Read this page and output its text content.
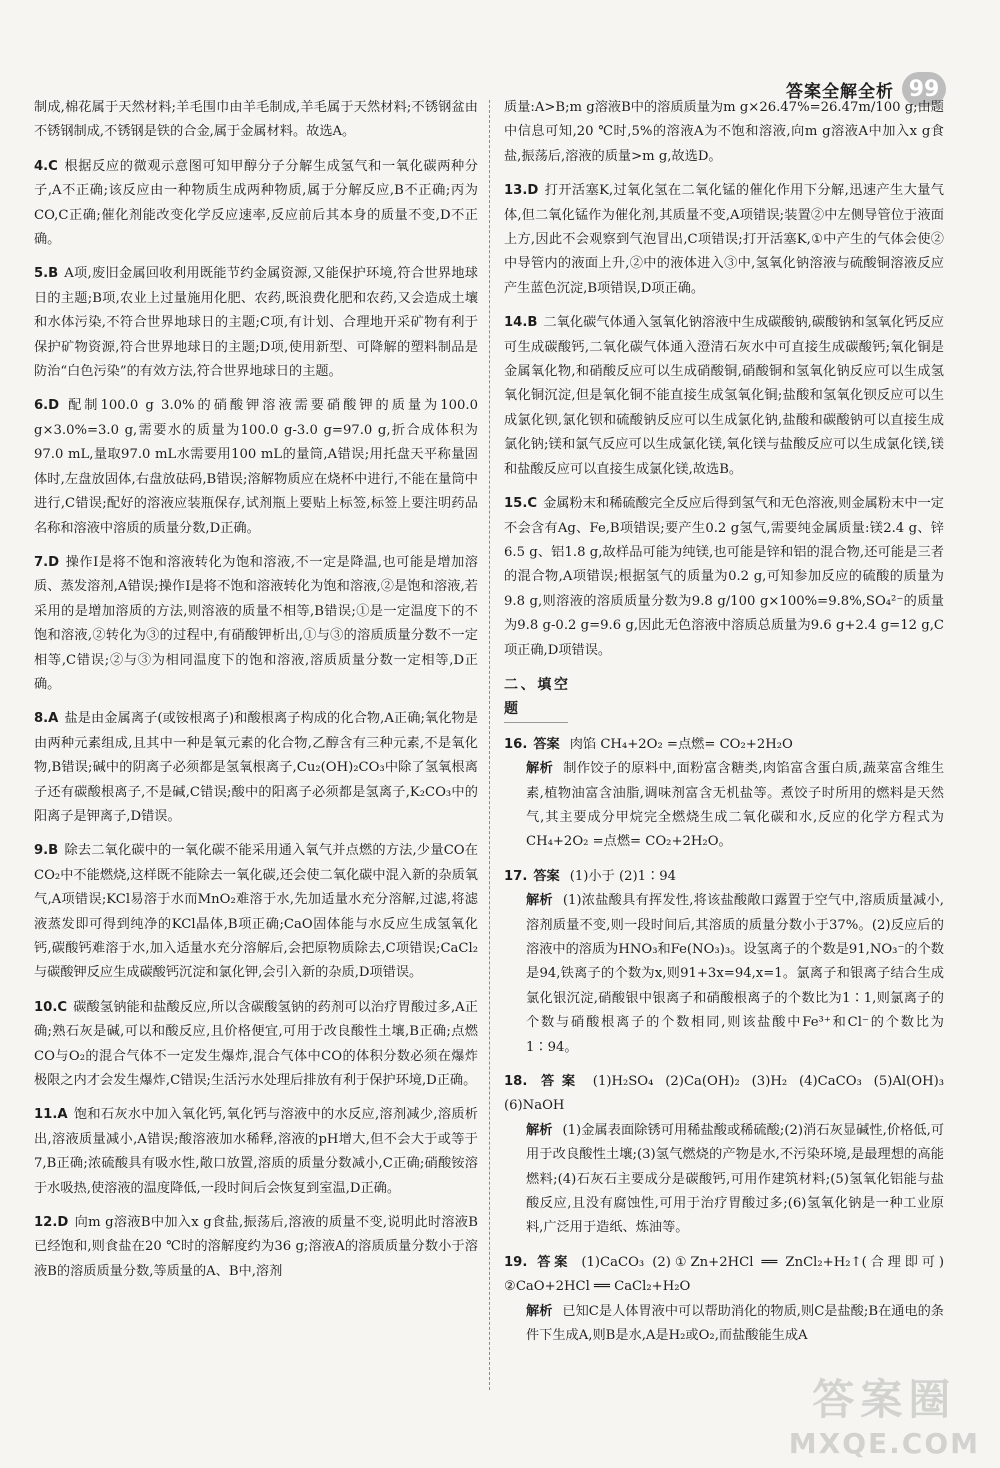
答案全解全析 99
制成,棉花属于天然材料;羊毛围巾由羊毛制成,羊毛属于天然材料;不锈钢盆由不锈钢制成,不锈钢是铁的合金,属于金属材料。故选A。
4.C 根据反应的微观示意图可知甲醇分子分解生成氢气和一氧化碳两种分子,A不正确;该反应由一种物质生成两种物质,属于分解反应,B不正确;丙为CO,C正确;催化剂能改变化学反应速率,反应前后其本身的质量不变,D不正确。
5.B A项,废旧金属回收利用既能节约金属资源,又能保护环境,符合世界地球日的主题;B项,农业上过量施用化肥、农药,既浪费化肥和农药,又会造成土壤和水体污染,不符合世界地球日的主题;C项,有计划、合理地开采矿物有利于保护矿物资源,符合世界地球日的主题;D项,使用新型、可降解的塑料制品是防治“白色污染”的有效方法,符合世界地球日的主题。
6.D 配制100.0 g 3.0%的硝酸钾溶液需要硝酸钾的质量为100.0 g×3.0%=3.0 g,需要水的质量为100.0 g-3.0 g=97.0 g,折合成体积为97.0 mL,量取97.0 mL水需要用100 mL的量筒,A错误;用托盘天平称量固体时,左盘放固体,右盘放砝码,B错误;溶解物质应在烧杯中进行,不能在量筒中进行,C错误;配好的溶液应装瓶保存,试剂瓶上要贴上标签,标签上要注明药品名称和溶液中溶质的质量分数,D正确。
7.D 操作Ⅰ是将不饱和溶液转化为饱和溶液,不一定是降温,也可能是增加溶质、蒸发溶剂,A错误;操作Ⅰ是将不饱和溶液转化为饱和溶液,②是饱和溶液,若采用的是增加溶质的方法,则溶液的质量不相等,B错误;①是一定温度下的不饱和溶液,②转化为③的过程中,有硝酸钾析出,①与③的溶质质量分数不一定相等,C错误;②与③为相同温度下的饱和溶液,溶质质量分数一定相等,D正确。
8.A 盐是由金属离子(或铵根离子)和酸根离子构成的化合物,A正确;氧化物是由两种元素组成,且其中一种是氧元素的化合物,乙醇含有三种元素,不是氧化物,B错误;碱中的阴离子必须都是氢氧根离子,Cu₂(OH)₂CO₃中除了氢氧根离子还有碳酸根离子,不是碱,C错误;酸中的阳离子必须都是氢离子,K₂CO₃中的阳离子是钾离子,D错误。
9.B 除去二氧化碳中的一氧化碳不能采用通入氧气并点燃的方法,少量CO在CO₂中不能燃烧,这样既不能除去一氧化碳,还会使二氧化碳中混入新的杂质氧气,A项错误;KCl易溶于水而MnO₂难溶于水,先加适量水充分溶解,过滤,将滤液蒸发即可得到纯净的KCl晶体,B项正确;CaO固体能与水反应生成氢氧化钙,碳酸钙难溶于水,加入适量水充分溶解后,会把原物质除去,C项错误;CaCl₂与碳酸钾反应生成碳酸钙沉淀和氯化钾,会引入新的杂质,D项错误。
10.C 碳酸氢钠能和盐酸反应,所以含碳酸氢钠的药剂可以治疗胃酸过多,A正确;熟石灰是碱,可以和酸反应,且价格便宜,可用于改良酸性土壤,B正确;点燃CO与O₂的混合气体不一定发生爆炸,混合气体中CO的体积分数必须在爆炸极限之内才会发生爆炸,C错误;生活污水处理后排放有利于保护环境,D正确。
11.A 饱和石灰水中加入氧化钙,氧化钙与溶液中的水反应,溶剂减少,溶质析出,溶液质量减小,A错误;酸溶液加水稀释,溶液的pH增大,但不会大于或等于7,B正确;浓硫酸具有吸水性,敞口放置,溶质的质量分数减小,C正确;硝酸铵溶于水吸热,使溶液的温度降低,一段时间后会恢复到室温,D正确。
12.D 向m g溶液B中加入x g食盐,振荡后,溶液的质量不变,说明此时溶液B已经饱和,则食盐在20 ℃时的溶解度约为36 g;溶液A的溶质质量分数小于溶液B的溶质质量分数,等质量的A、B中,溶剂
质量:A>B;m g溶液B中的溶质质量为m g×26.47%=26.47m/100 g;由题中信息可知,20 ℃时,5%的溶液A为不饱和溶液,向m g溶液A中加入x g食盐,振荡后,溶液的质量>m g,故选D。
13.D 打开活塞K,过氧化氢在二氧化锰的催化作用下分解,迅速产生大量气体,但二氧化锰作为催化剂,其质量不变,A项错误;装置②中左侧导管位于液面上方,因此不会观察到气泡冒出,C项错误;打开活塞K,①中产生的气体会使②中导管内的液面上升,②中的液体进入③中,氢氧化钠溶液与硫酸铜溶液反应产生蓝色沉淀,B项错误,D项正确。
14.B 二氧化碳气体通入氢氧化钠溶液中生成碳酸钠,碳酸钠和氢氧化钙反应可生成碳酸钙,二氧化碳气体通入澄清石灰水中可直接生成碳酸钙;氧化铜是金属氧化物,和硝酸反应可以生成硝酸铜,硝酸铜和氢氧化钠反应可以生成氢氧化铜沉淀,但是氧化铜不能直接生成氢氧化铜;盐酸和氢氧化钡反应可以生成氯化钡,氯化钡和硫酸钠反应可以生成氯化钠,盐酸和碳酸钠可以直接生成氯化钠;镁和氯气反应可以生成氯化镁,氧化镁与盐酸反应可以生成氯化镁,镁和盐酸反应可以直接生成氯化镁,故选B。
15.C 金属粉末和稀硫酸完全反应后得到氢气和无色溶液,则金属粉末中一定不会含有Ag、Fe,B项错误;要产生0.2 g氢气,需要纯金属质量:镁2.4 g、锌6.5 g、铝1.8 g,故样品可能为纯镁,也可能是锌和铝的混合物,还可能是三者的混合物,A项错误;根据氢气的质量为0.2 g,可知参加反应的硫酸的质量为9.8 g,则溶液的溶质质量分数为9.8 g/100 g×100%=9.8%,SO₄²⁻的质量为9.8 g-0.2 g=9.6 g,因此无色溶液中溶质总质量为9.6 g+2.4 g=12 g,C项正确,D项错误。
二、填空题
16. 答案 肉馅 CH₄+2O₂ =点燃= CO₂+2H₂O
解析 制作饺子的原料中,面粉富含糖类,肉馅富含蛋白质,蔬菜富含维生素,植物油富含油脂,调味剂富含无机盐等。煮饺子时所用的燃料是天然气,其主要成分甲烷完全燃烧生成二氧化碳和水,反应的化学方程式为CH₄+2O₂ =点燃= CO₂+2H₂O。
17. 答案 (1)小于 (2)1∶94
解析 (1)浓盐酸具有挥发性,将该盐酸敞口露置于空气中,溶质质量减小,溶剂质量不变,则一段时间后,其溶质的质量分数小于37%。(2)反应后的溶液中的溶质为HNO₃和Fe(NO₃)₃。设氢离子的个数是91,NO₃⁻的个数是94,铁离子的个数为x,则91+3x=94,x=1。氯离子和银离子结合生成氯化银沉淀,硝酸银中银离子和硝酸根离子的个数比为1∶1,则氯离子的个数与硝酸根离子的个数相同,则该盐酸中Fe³⁺和Cl⁻的个数比为1∶94。
18. 答案 (1)H₂SO₄ (2)Ca(OH)₂ (3)H₂ (4)CaCO₃ (5)Al(OH)₃ (6)NaOH
解析 (1)金属表面除锈可用稀盐酸或稀硫酸;(2)消石灰显碱性,价格低,可用于改良酸性土壤;(3)氢气燃烧的产物是水,不污染环境,是最理想的高能燃料;(4)石灰石主要成分是碳酸钙,可用作建筑材料;(5)氢氧化铝能与盐酸反应,且没有腐蚀性,可用于治疗胃酸过多;(6)氢氧化钠是一种工业原料,广泛用于造纸、炼油等。
19. 答案 (1)CaCO₃ (2)①Zn+2HCl ══ ZnCl₂+H₂↑(合理即可) ②CaO+2HCl ══ CaCl₂+H₂O
解析 已知C是人体胃液中可以帮助消化的物质,则C是盐酸;B在通电的条件下生成A,则B是水,A是H₂或O₂,而盐酸能生成A
答案圈
MXQE.COM
